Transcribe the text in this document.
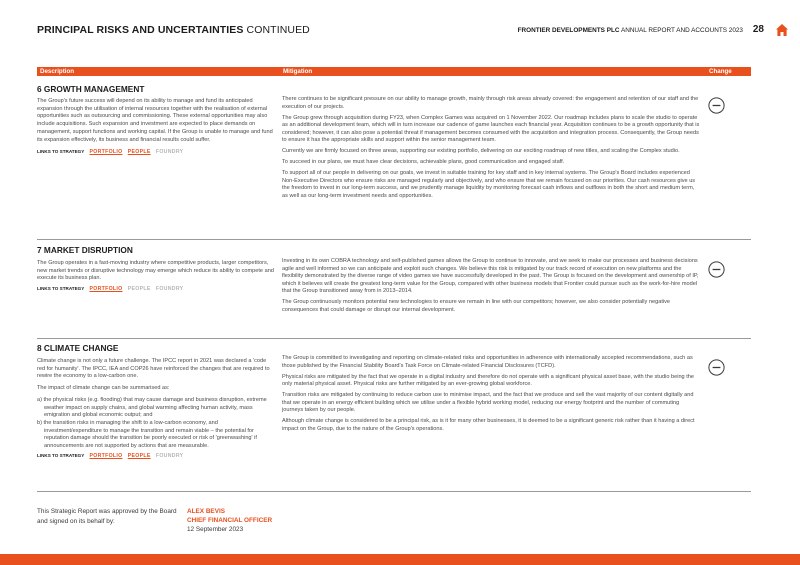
PRINCIPAL RISKS AND UNCERTAINTIES CONTINUED	FRONTIER DEVELOPMENTS PLC ANNUAL REPORT AND ACCOUNTS 2023 28
Description	Mitigation	Change
6 GROWTH MANAGEMENT

The Group's future success will depend on its ability to manage and fund its anticipated expansion through the utilisation of internal resources together with the realisation of external opportunities such as outsourcing and commissioning. These external opportunities may also include acquisitions. Such expansion and investment are expected to place demands on management, support functions and working capital. If the Group is unable to manage and fund its expansion effectively, its business and financial results could suffer.

LINKS TO STRATEGY PORTFOLIO PEOPLE FOUNDRY

There continues to be significant pressure on our ability to manage growth, mainly through risk areas already covered: the engagement and retention of our staff and the execution of our projects.

The Group grew through acquisition during FY23, when Complex Games was acquired on 1 November 2022. Our roadmap includes plans to scale the studio to operate as an additional development team, which will in turn increase our cadence of game launches each financial year. Acquisition continues to be a growth opportunity that is considered; however, it can also pose a potential threat if management becomes consumed with the acquisition and integration process. Consequently, the Group needs to ensure it has the appropriate skills and support within the senior management team.

Currently we are firmly focused on three areas, supporting our existing portfolio, delivering on our exciting roadmap of new titles, and scaling the Complex studio.

To succeed in our plans, we must have clear decisions, achievable plans, good communication and engaged staff.

To support all of our people in delivering on our goals, we invest in suitable training for key staff and in key internal systems. The Group's Board includes experienced Non-Executive Directors who ensure risks are managed regularly and objectively, and who ensure that we remain focused on our priorities. Our cash resources give us the freedom to invest in our long-term success, and we prudently manage liquidity by monitoring forecast cash inflows and outflows in both the short and medium term, as well as our long-term investment needs and opportunities.

7 MARKET DISRUPTION

The Group operates in a fast-moving industry where competitive products, larger competitors, new market trends or disruptive technology may emerge which reduce its ability to compete and execute its business plan.

LINKS TO STRATEGY PORTFOLIO PEOPLE FOUNDRY

Investing in its own COBRA technology and self-published games allows the Group to continue to innovate, and we seek to make our processes and business decisions agile and well informed so we can anticipate and exploit such changes. We believe this risk is mitigated by our track record of execution on new platforms and the flexibility demonstrated by the diverse range of video games we have successfully developed in the past. The Group is focused on the development and ownership of IP, which it believes will create the greatest long-term value for the Group, compared with other business models that Frontier could pursue such as the work-for-hire model that the Group transitioned away from in 2013–2014.

The Group continuously monitors potential new technologies to ensure we remain in line with our competitors; however, we also consider potentially negative consequences that could damage or disrupt our internal development.

8 CLIMATE CHANGE

Climate change is not only a future challenge. The IPCC report in 2021 was declared a 'code red for humanity'. The IPCC, IEA and COP26 have reinforced the changes that are required to rewire the economy to a low-carbon one.

The impact of climate change can be summarised as:

a) the physical risks (e.g. flooding) that may cause damage and business disruption, extreme weather impact on supply chains, and global warming affecting human activity, mass emigration and global economic output; and

b) the transition risks in managing the shift to a low-carbon economy, and investment/expenditure to manage the transition and remain viable – the potential for reputation damage should the transition be poorly executed or risk of 'greenwashing' if announcements are not supported by actions that are measurable.

LINKS TO STRATEGY PORTFOLIO PEOPLE FOUNDRY

The Group is committed to investigating and reporting on climate-related risks and opportunities in adherence with internationally accepted recommendations, such as those published by the Financial Stability Board's Task Force on Climate-related Financial Disclosures (TCFD).

Physical risks are mitigated by the fact that we operate in a digital industry and therefore do not operate with a significant physical asset base, with the studio being the only material physical asset. Physical risks are further mitigated by an ever-growing global workforce.

Transition risks are mitigated by continuing to reduce carbon use to minimise impact, and the fact that we produce and sell the vast majority of our content digitally and that we operate in an energy efficient building which we utilise under a flexible hybrid working model, reducing our energy footprint and the number of commuting journeys taken by our people.

Although climate change is considered to be a principal risk, as is it for many other businesses, it is deemed to be a significant generic risk rather than it having a direct impact on the Group, due to the nature of the Group's operations.

This Strategic Report was approved by the Board and signed on its behalf by:
ALEX BEVIS
CHIEF FINANCIAL OFFICER
12 September 2023
